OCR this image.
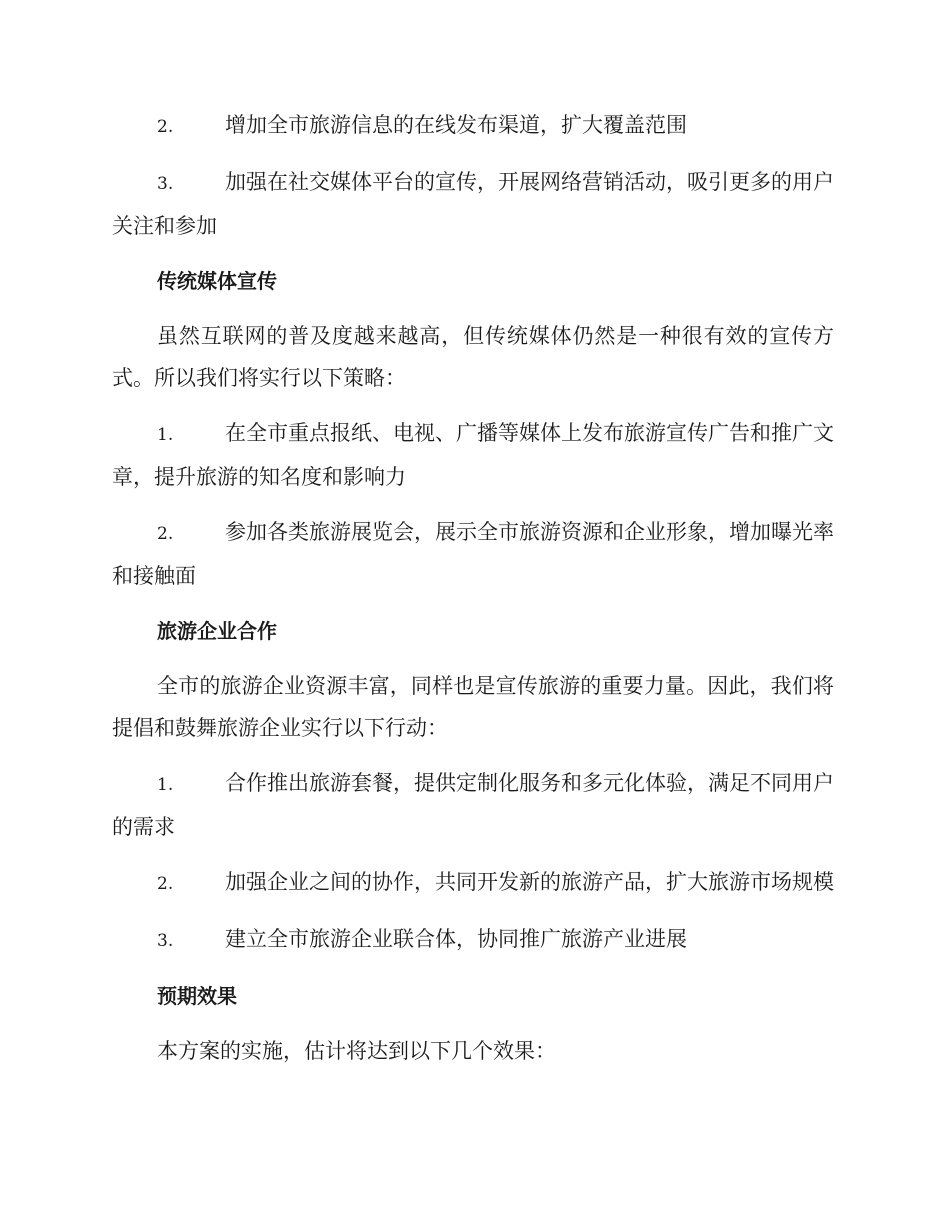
2. 增加全市旅游信息的在线发布渠道，扩大覆盖范围

3. 加强在社交媒体平台的宣传，开展网络营销活动，吸引更多的用户关注和参加

传统媒体宣传

虽然互联网的普及度越来越高，但传统媒体仍然是一种很有效的宣传方式。所以我们将实行以下策略：

1. 在全市重点报纸、电视、广播等媒体上发布旅游宣传广告和推广文章，提升旅游的知名度和影响力

2. 参加各类旅游展览会，展示全市旅游资源和企业形象，增加曝光率和接触面

旅游企业合作

全市的旅游企业资源丰富，同样也是宣传旅游的重要力量。因此，我们将提倡和鼓舞旅游企业实行以下行动：

1. 合作推出旅游套餐，提供定制化服务和多元化体验，满足不同用户的需求

2. 加强企业之间的协作，共同开发新的旅游产品，扩大旅游市场规模

3. 建立全市旅游企业联合体，协同推广旅游产业进展

预期效果

本方案的实施，估计将达到以下几个效果：
